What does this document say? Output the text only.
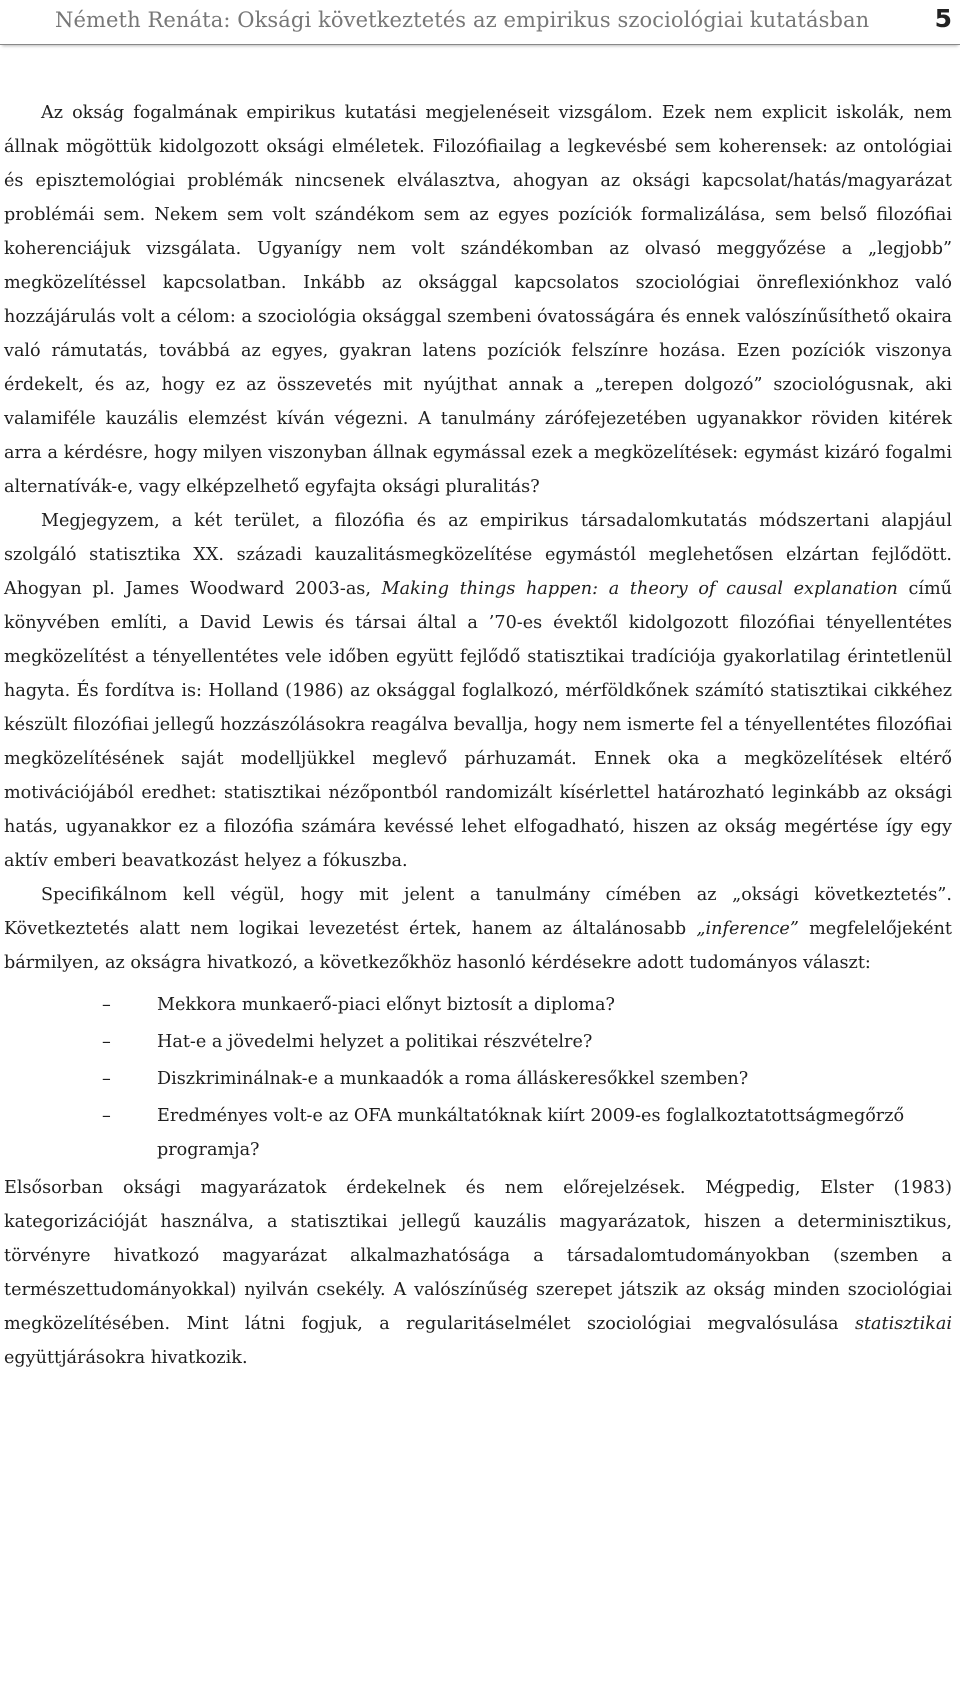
Németh Renáta: Oksági következtetés az empirikus szociológiai kutatásban	5

Az okság fogalmának empirikus kutatási megjelenéseit vizsgálom. Ezek nem explicit iskolák, nem állnak mögöttük kidolgozott oksági elméletek. Filozófiailag a legkevésbé sem koherensek: az ontológiai és episztemológiai problémák nincsenek elválasztva, ahogyan az oksági kapcsolat/hatás/magyarázat problémái sem. Nekem sem volt szándékom sem az egyes pozíciók formalizálása, sem belső filozófiai koherenciájuk vizsgálata. Ugyanígy nem volt szándékomban az olvasó meggyőzése a „legjobb” megközelítéssel kapcsolatban. Inkább az oksággal kapcsolatos szociológiai önreflexiónkhoz való hozzájárulás volt a célom: a szociológia oksággal szembeni óvatosságára és ennek valószínűsíthető okaira való rámutatás, továbbá az egyes, gyakran latens pozíciók felszínre hozása. Ezen pozíciók viszonya érdekelt, és az, hogy ez az összevetés mit nyújthat annak a „terepen dolgozó” szociológusnak, aki valamiféle kauzális elemzést kíván végezni. A tanulmány zárófejezetében ugyanakkor röviden kitérek arra a kérdésre, hogy milyen viszonyban állnak egymással ezek a megközelítések: egymást kizáró fogalmi alternatívák-e, vagy elképzelhető egyfajta oksági pluralitás?

Megjegyzem, a két terület, a filozófia és az empirikus társadalomkutatás módszertani alapjául szolgáló statisztika XX. századi kauzalitásmegközelítése egymástól meglehetősen elzártan fejlődött. Ahogyan pl. James Woodward 2003-as, Making things happen: a theory of causal explanation című könyvében említi, a David Lewis és társai által a ’70-es évektől kidolgozott filozófiai tényellentétes megközelítést a tényellentétes vele időben együtt fejlődő statisztikai tradíciója gyakorlatilag érintetlenül hagyta. És fordítva is: Holland (1986) az oksággal foglalkozó, mérföldkőnek számító statisztikai cikkéhez készült filozófiai jellegű hozzászólásokra reagálva bevallja, hogy nem ismerte fel a tényellentétes filozófiai megközelítésének saját modelljükkel meglevő párhuzamát. Ennek oka a megközelítések eltérő motivációjából eredhet: statisztikai nézőpontból randomizált kísérlettel határozható leginkább az oksági hatás, ugyanakkor ez a filozófia számára kevéssé lehet elfogadható, hiszen az okság megértése így egy aktív emberi beavatkozást helyez a fókuszba.

Specifikálnom kell végül, hogy mit jelent a tanulmány címében az „oksági következtetés”. Következtetés alatt nem logikai levezetést értek, hanem az általánosabb „inference” megfelelőjeként bármilyen, az okságra hivatkozó, a következőkhöz hasonló kérdésekre adott tudományos választ:

–	Mekkora munkaerő-piaci előnyt biztosít a diploma?
–	Hat-e a jövedelmi helyzet a politikai részvételre?
–	Diszkriminálnak-e a munkaadók a roma álláskeresőkkel szemben?
–	Eredményes volt-e az OFA munkáltatóknak kiírt 2009-es foglalkoztatottságmegőrző programja?

Elsősorban oksági magyarázatok érdekelnek és nem előrejelzések. Mégpedig, Elster (1983) kategorizációját használva, a statisztikai jellegű kauzális magyarázatok, hiszen a determinisztikus, törvényre hivatkozó magyarázat alkalmazhatósága a társadalomtudományokban (szemben a természettudományokkal) nyilván csekély. A valószínűség szerepet játszik az okság minden szociológiai megközelítésében. Mint látni fogjuk, a regularitáselmélet szociológiai megvalósulása statisztikai együttjárásokra hivatkozik.
